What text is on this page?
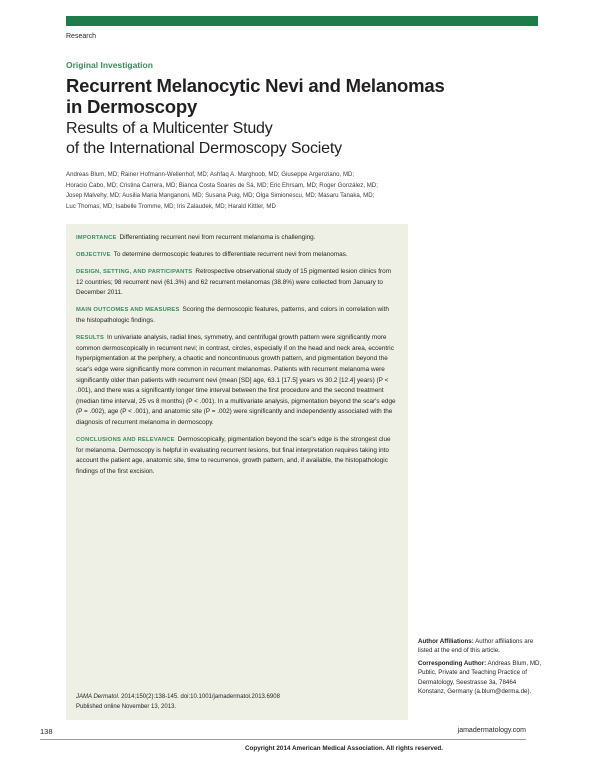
Research
Original Investigation
Recurrent Melanocytic Nevi and Melanomas
in Dermoscopy
Results of a Multicenter Study
of the International Dermoscopy Society
Andreas Blum, MD; Rainer Hofmann-Wellenhof, MD; Ashfaq A. Marghoob, MD; Giuseppe Argenziano, MD;
Horacio Cabo, MD; Cristina Carrera, MD; Bianca Costa Soares de Sá, MD; Eric Ehrsam, MD; Roger González, MD;
Josep Malvehy, MD; Ausilia Maria Manganoni, MD; Susana Puig, MD; Olga Simionescu, MD; Masaru Tanaka, MD;
Luc Thomas, MD; Isabelle Tromme, MD; Iris Zalaudek, MD; Harald Kittler, MD

IMPORTANCE Differentiating recurrent nevi from recurrent melanoma is challenging.

OBJECTIVE To determine dermoscopic features to differentiate recurrent nevi from melanomas.

DESIGN, SETTING, AND PARTICIPANTS Retrospective observational study of 15 pigmented lesion clinics from 12 countries; 98 recurrent nevi (61.3%) and 62 recurrent melanomas (38.8%) were collected from January to December 2011.

MAIN OUTCOMES AND MEASURES Scoring the dermoscopic features, patterns, and colors in correlation with the histopathologic findings.

RESULTS In univariate analysis, radial lines, symmetry, and centrifugal growth pattern were significantly more common dermoscopically in recurrent nevi; in contrast, circles, especially if on the head and neck area, eccentric hyperpigmentation at the periphery, a chaotic and noncontinuous growth pattern, and pigmentation beyond the scar's edge were significantly more common in recurrent melanomas. Patients with recurrent melanoma were significantly older than patients with recurrent nevi (mean [SD] age, 63.1 [17.5] years vs 30.2 [12.4] years) (P < .001), and there was a significantly longer time interval between the first procedure and the second treatment (median time interval, 25 vs 8 months) (P < .001). In a multivariate analysis, pigmentation beyond the scar's edge (P = .002), age (P < .001), and anatomic site (P = .002) were significantly and independently associated with the diagnosis of recurrent melanoma in dermoscopy.

CONCLUSIONS AND RELEVANCE Dermoscopically, pigmentation beyond the scar's edge is the strongest clue for melanoma. Dermoscopy is helpful in evaluating recurrent lesions, but final interpretation requires taking into account the patient age, anatomic site, time to recurrence, growth pattern, and, if available, the histopathologic findings of the first excision.

JAMA Dermatol. 2014;150(2):138-145. doi:10.1001/jamadermatol.2013.6908
Published online November 13, 2013.
Author Affiliations: Author affiliations are listed at the end of this article.
Corresponding Author: Andreas Blum, MD, Public, Private and Teaching Practice of Dermatology, Seestrasse 3a, 78464 Konstanz, Germany (a.blum@derma.de).
138	jamadermatology.com
Copyright 2014 American Medical Association. All rights reserved.
